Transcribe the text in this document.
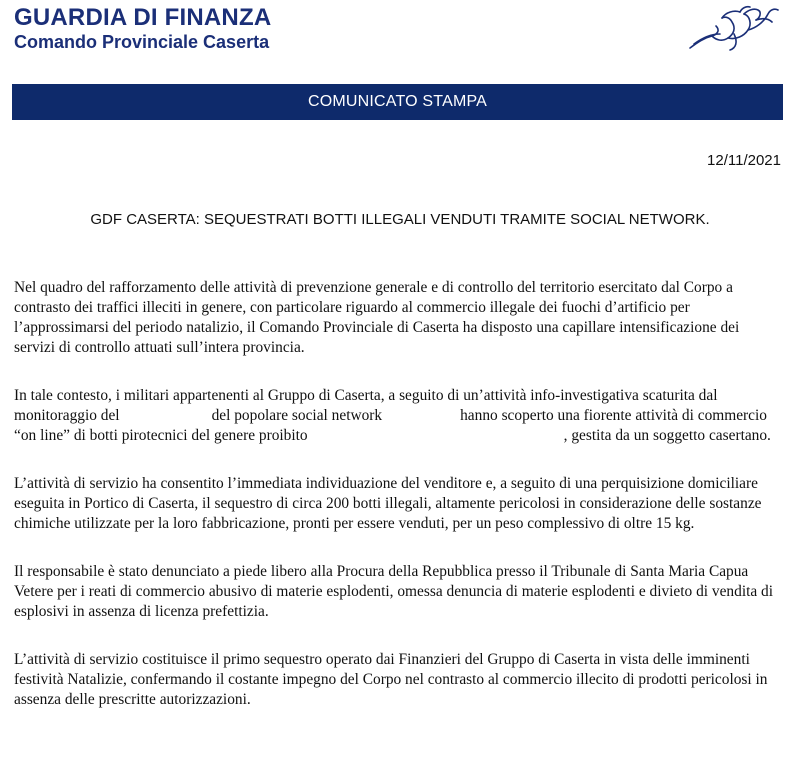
GUARDIA DI FINANZA
Comando Provinciale Caserta
COMUNICATO STAMPA
12/11/2021
GDF CASERTA: SEQUESTRATI BOTTI ILLEGALI VENDUTI TRAMITE SOCIAL NETWORK.

Nel quadro del rafforzamento delle attività di prevenzione generale e di controllo del territorio esercitato dal Corpo a contrasto dei traffici illeciti in genere, con particolare riguardo al commercio illegale dei fuochi d’artificio per l’approssimarsi del periodo natalizio, il Comando Provinciale di Caserta ha disposto una capillare intensificazione dei servizi di controllo attuati sull’intera provincia.

In tale contesto, i militari appartenenti al Gruppo di Caserta, a seguito di un’attività info-investigativa scaturita dal monitoraggio del	del popolare social network	hanno scoperto una fiorente attività di commercio “on line” di botti pirotecnici del genere proibito	, gestita da un soggetto casertano.

L’attività di servizio ha consentito l’immediata individuazione del venditore e, a seguito di una perquisizione domiciliare eseguita in Portico di Caserta, il sequestro di circa 200 botti illegali, altamente pericolosi in considerazione delle sostanze chimiche utilizzate per la loro fabbricazione, pronti per essere venduti, per un peso complessivo di oltre 15 kg.

Il responsabile è stato denunciato a piede libero alla Procura della Repubblica presso il Tribunale di Santa Maria Capua Vetere per i reati di commercio abusivo di materie esplodenti, omessa denuncia di materie esplodenti e divieto di vendita di esplosivi in assenza di licenza prefettizia.

L’attività di servizio costituisce il primo sequestro operato dai Finanzieri del Gruppo di Caserta in vista delle imminenti festività Natalizie, confermando il costante impegno del Corpo nel contrasto al commercio illecito di prodotti pericolosi in assenza delle prescritte autorizzazioni.
